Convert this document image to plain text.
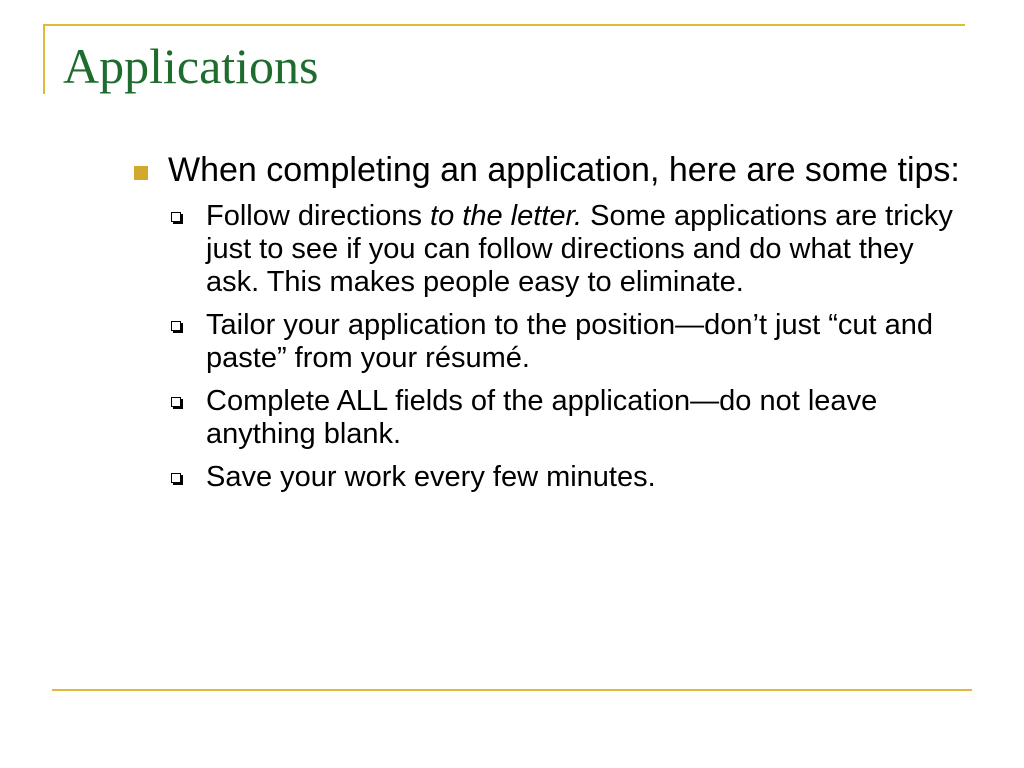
Applications
When completing an application, here are some tips:
Follow directions to the letter. Some applications are tricky just to see if you can follow directions and do what they ask. This makes people easy to eliminate.
Tailor your application to the position—don’t just “cut and paste” from your résumé.
Complete ALL fields of the application—do not leave anything blank.
Save your work every few minutes.
